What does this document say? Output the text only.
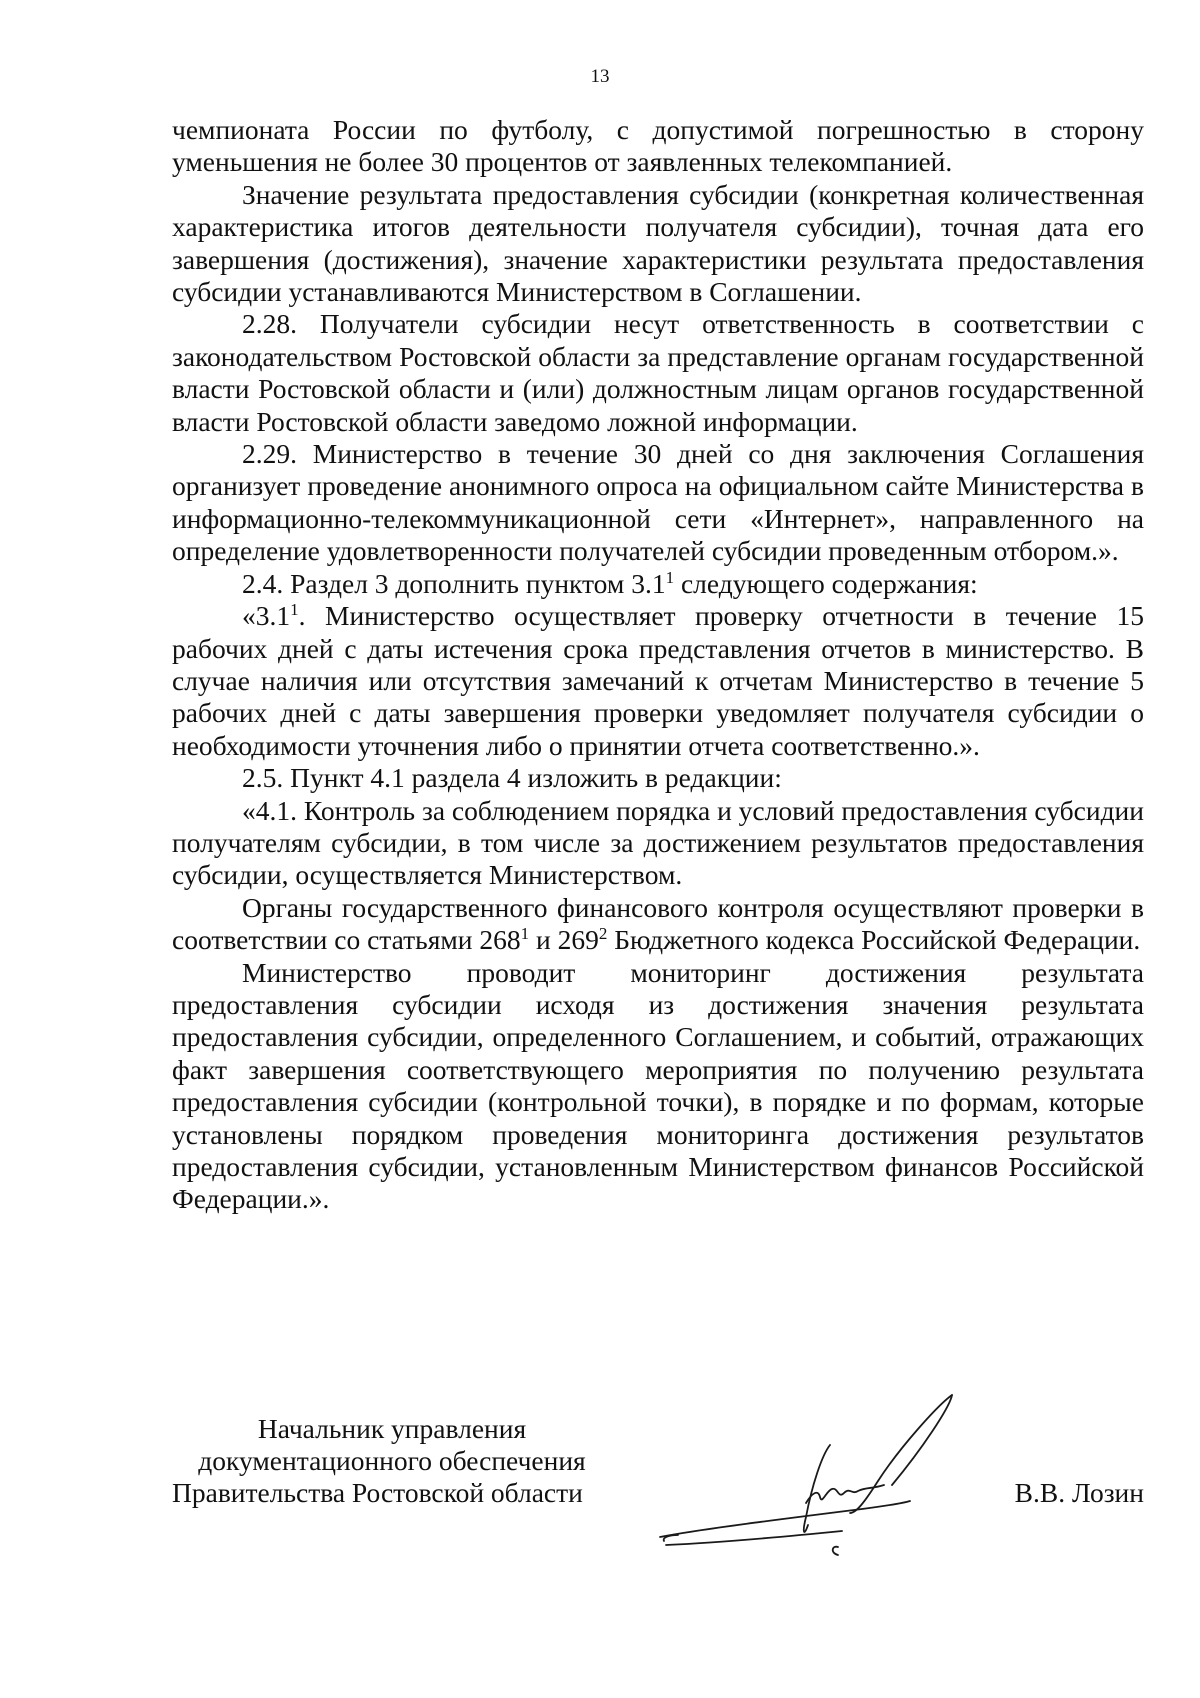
13

чемпионата России по футболу, с допустимой погрешностью в сторону уменьшения не более 30 процентов от заявленных телекомпанией.

Значение результата предоставления субсидии (конкретная количественная характеристика итогов деятельности получателя субсидии), точная дата его завершения (достижения), значение характеристики результата предоставления субсидии устанавливаются Министерством в Соглашении.

2.28. Получатели субсидии несут ответственность в соответствии с законодательством Ростовской области за представление органам государственной власти Ростовской области и (или) должностным лицам органов государственной власти Ростовской области заведомо ложной информации.

2.29. Министерство в течение 30 дней со дня заключения Соглашения организует проведение анонимного опроса на официальном сайте Министерства в информационно-телекоммуникационной сети «Интернет», направленного на определение удовлетворенности получателей субсидии проведенным отбором.».

2.4. Раздел 3 дополнить пунктом $3.1^1$ следующего содержания:

«$3.1^1$. Министерство осуществляет проверку отчетности в течение 15 рабочих дней с даты истечения срока представления отчетов в министерство. В случае наличия или отсутствия замечаний к отчетам Министерство в течение 5 рабочих дней с даты завершения проверки уведомляет получателя субсидии о необходимости уточнения либо о принятии отчета соответственно.».

2.5. Пункт 4.1 раздела 4 изложить в редакции:

«4.1. Контроль за соблюдением порядка и условий предоставления субсидии получателям субсидии, в том числе за достижением результатов предоставления субсидии, осуществляется Министерством.

Органы государственного финансового контроля осуществляют проверки в соответствии со статьями $268^1$ и $269^2$ Бюджетного кодекса Российской Федерации.

Министерство проводит мониторинг достижения результата предоставления субсидии исходя из достижения значения результата предоставления субсидии, определенного Соглашением, и событий, отражающих факт завершения соответствующего мероприятия по получению результата предоставления субсидии (контрольной точки), в порядке и по формам, которые установлены порядком проведения мониторинга достижения результатов предоставления субсидии, установленным Министерством финансов Российской Федерации.».

Начальник управления
документационного обеспечения
Правительства Ростовской области	В.В. Лозин
